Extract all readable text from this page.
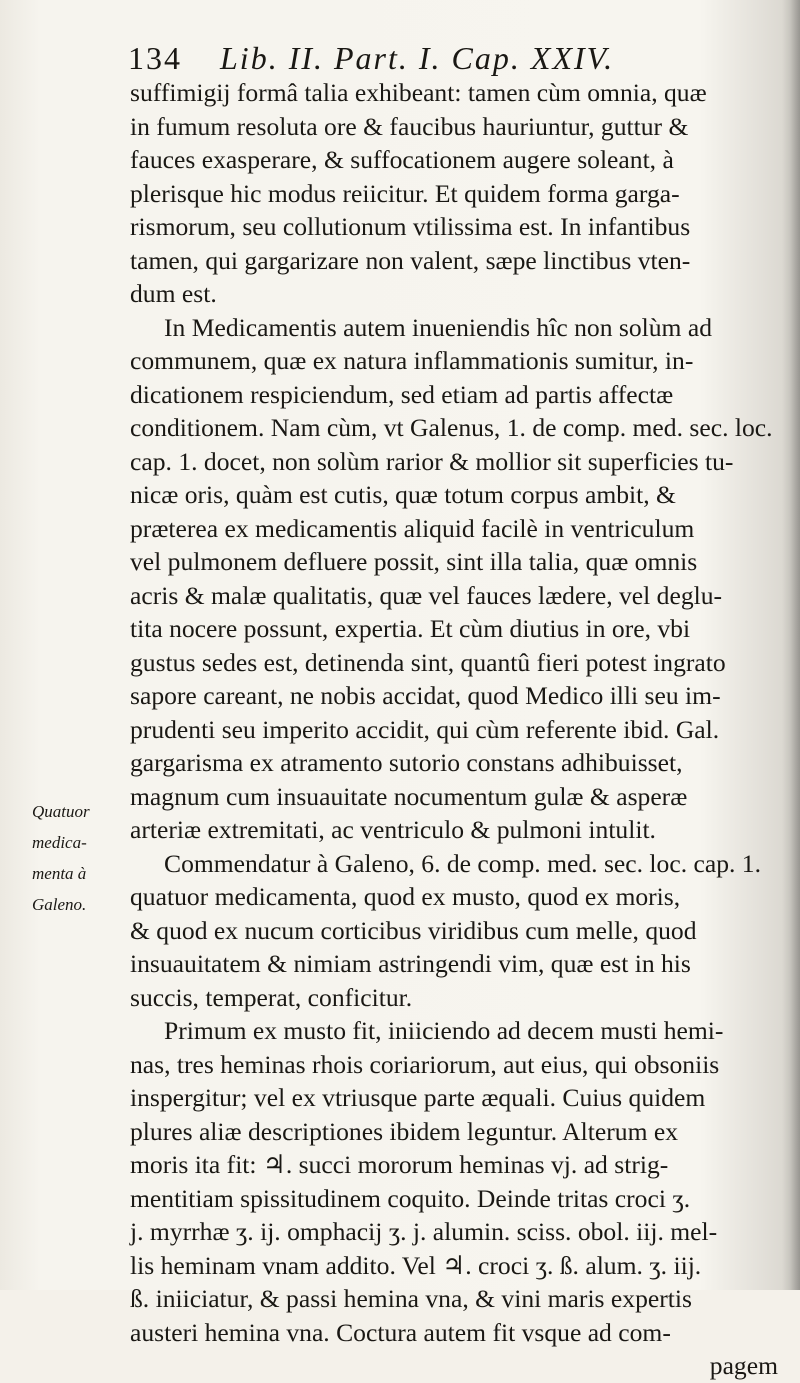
134 Lib. II. Part. I. Cap. XXIV.
Quatuor
medica-
menta à
Galeno.
suffimigij formâ talia exhibeant: tamen cùm omnia, quæ
in fumum resoluta ore & faucibus hauriuntur, guttur &
fauces exasperare, & suffocationem augere soleant, à
plerisque hic modus reiicitur. Et quidem forma garga-
rismorum, seu collutionum vtilissima est. In infantibus
tamen, qui gargarizare non valent, sæpe linctibus vten-
dum est.
In Medicamentis autem inueniendis hîc non solùm ad
communem, quæ ex natura inflammationis sumitur, in-
dicationem respiciendum, sed etiam ad partis affectæ
conditionem. Nam cùm, vt Galenus, 1. de comp. med. sec. loc.
cap. 1. docet, non solùm rarior & mollior sit superficies tu-
nicæ oris, quàm est cutis, quæ totum corpus ambit, &
præterea ex medicamentis aliquid facilè in ventriculum
vel pulmonem defluere possit, sint illa talia, quæ omnis
acris & malæ qualitatis, quæ vel fauces lædere, vel deglu-
tita nocere possunt, expertia. Et cùm diutius in ore, vbi
gustus sedes est, detinenda sint, quantû fieri potest ingrato
sapore careant, ne nobis accidat, quod Medico illi seu im-
prudenti seu imperito accidit, qui cùm referente ibid. Gal.
gargarisma ex atramento sutorio constans adhibuisset,
magnum cum insuauitate nocumentum gulæ & asperæ
arteriæ extremitati, ac ventriculo & pulmoni intulit.
Commendatur à Galeno, 6. de comp. med. sec. loc. cap. 1.
quatuor medicamenta, quod ex musto, quod ex moris,
& quod ex nucum corticibus viridibus cum melle, quod
insuauitatem & nimiam astringendi vim, quæ est in his
succis, temperat, conficitur.
Primum ex musto fit, iniiciendo ad decem musti hemi-
nas, tres heminas rhois coriariorum, aut eius, qui obsoniis
inspergitur; vel ex vtriusque parte æquali. Cuius quidem
plures aliæ descriptiones ibidem leguntur. Alterum ex
moris ita fit: ♃. succi mororum heminas vj. ad strig-
mentitiam spissitudinem coquito. Deinde tritas croci ʒ.
j. myrrhæ ʒ. ij. omphacij ʒ. j. alumin. sciss. obol. iij. mel-
lis heminam vnam addito. Vel ♃. croci ʒ. ß. alum. ʒ. iij.
ß. iniiciatur, & passi hemina vna, & vini maris expertis
austeri hemina vna. Coctura autem fit vsque ad com-
pagem
